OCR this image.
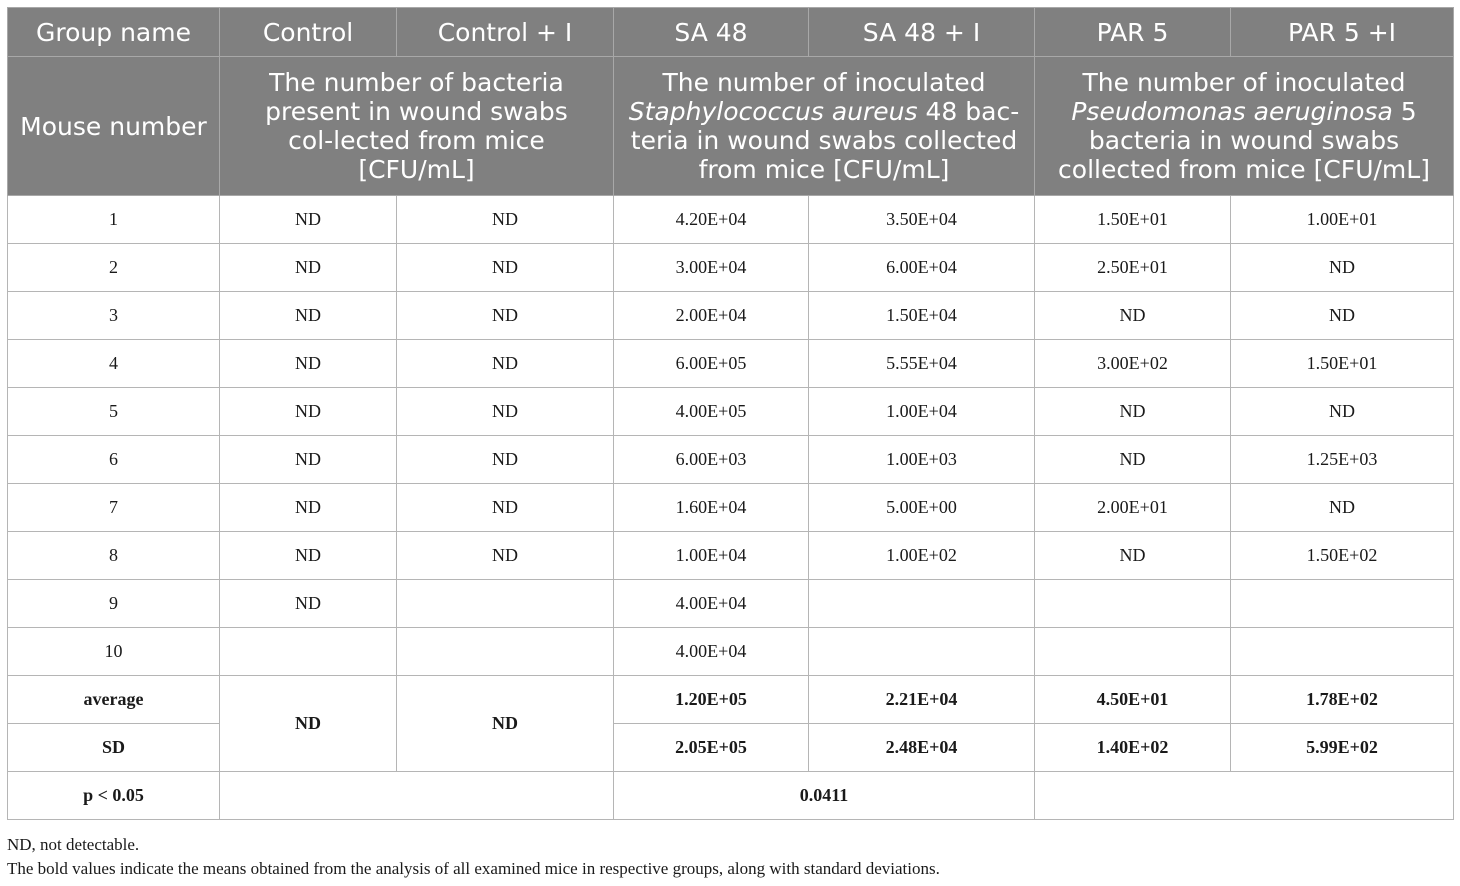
Group name	Control	Control + I	SA 48	SA 48 + I	PAR 5	PAR 5 +I
Mouse number	The number of bacteria present in wound swabs col-lected from mice [CFU/mL]		The number of inoculated Staphylococcus aureus 48 bac-teria in wound swabs collected from mice [CFU/mL]		The number of inoculated Pseudomonas aeruginosa 5 bacteria in wound swabs collected from mice [CFU/mL]	
1	ND	ND	4.20E+04	3.50E+04	1.50E+01	1.00E+01
2	ND	ND	3.00E+04	6.00E+04	2.50E+01	ND
3	ND	ND	2.00E+04	1.50E+04	ND	ND
4	ND	ND	6.00E+05	5.55E+04	3.00E+02	1.50E+01
5	ND	ND	4.00E+05	1.00E+04	ND	ND
6	ND	ND	6.00E+03	1.00E+03	ND	1.25E+03
7	ND	ND	1.60E+04	5.00E+00	2.00E+01	ND
8	ND	ND	1.00E+04	1.00E+02	ND	1.50E+02
9	ND		4.00E+04			
10			4.00E+04			
average	ND	ND	1.20E+05	2.21E+04	4.50E+01	1.78E+02
SD			2.05E+05	2.48E+04	1.40E+02	5.99E+02
p < 0.05			0.0411			
ND, not detectable.
The bold values indicate the means obtained from the analysis of all examined mice in respective groups, along with standard deviations.
